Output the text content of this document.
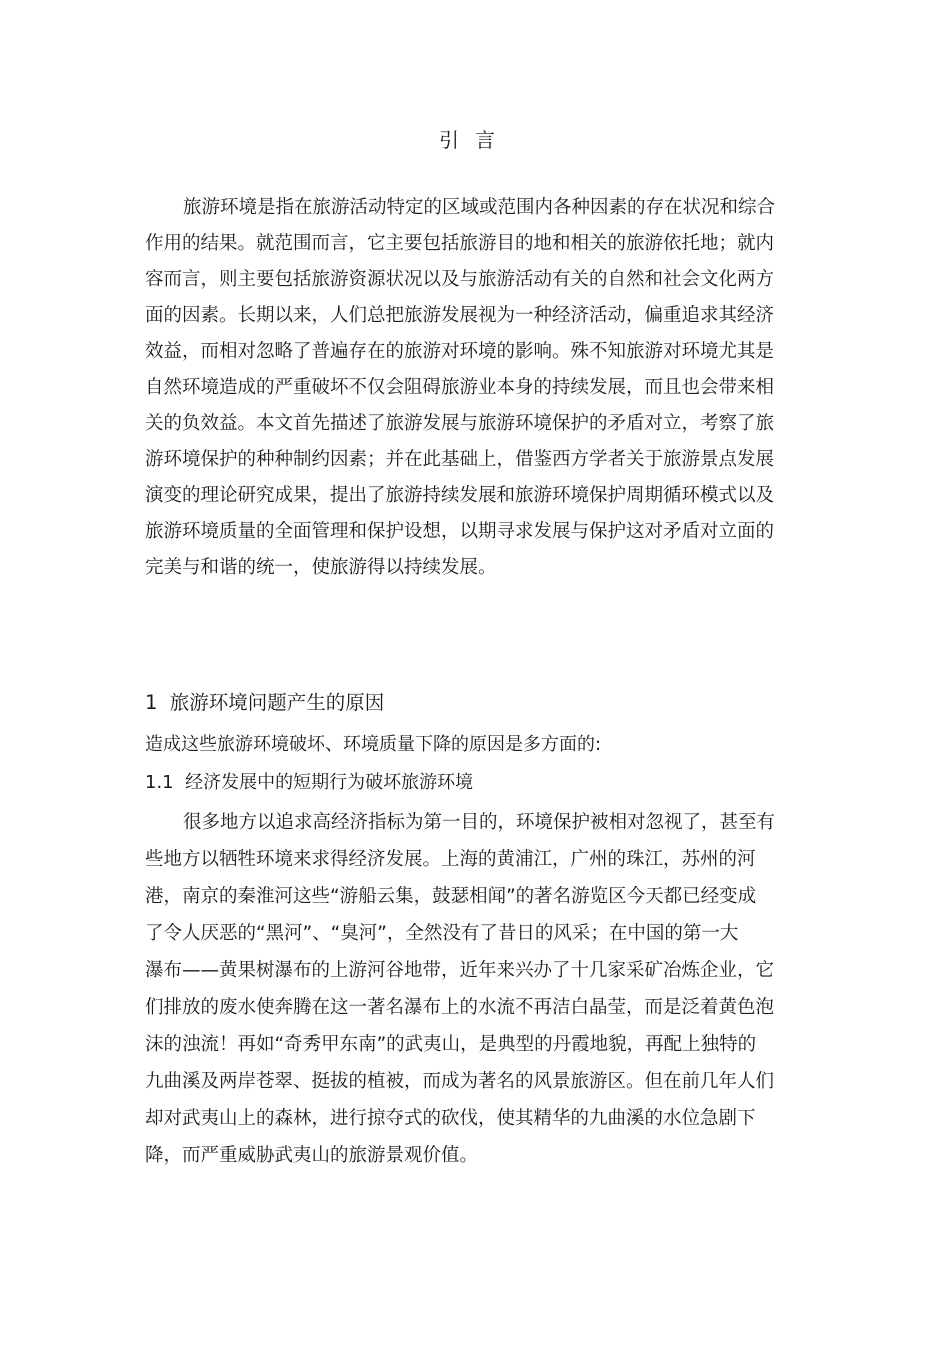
引言
旅游环境是指在旅游活动特定的区域或范围内各种因素的存在状况和综合
作用的结果。就范围而言，它主要包括旅游目的地和相关的旅游依托地；就内
容而言，则主要包括旅游资源状况以及与旅游活动有关的自然和社会文化两方
面的因素。长期以来，人们总把旅游发展视为一种经济活动，偏重追求其经济
效益，而相对忽略了普遍存在的旅游对环境的影响。殊不知旅游对环境尤其是
自然环境造成的严重破坏不仅会阻碍旅游业本身的持续发展，而且也会带来相
关的负效益。本文首先描述了旅游发展与旅游环境保护的矛盾对立，考察了旅
游环境保护的种种制约因素；并在此基础上，借鉴西方学者关于旅游景点发展
演变的理论研究成果，提出了旅游持续发展和旅游环境保护周期循环模式以及
旅游环境质量的全面管理和保护设想，以期寻求发展与保护这对矛盾对立面的
完美与和谐的统一，使旅游得以持续发展。
1  旅游环境问题产生的原因
造成这些旅游环境破坏、环境质量下降的原因是多方面的:
1.1  经济发展中的短期行为破坏旅游环境
很多地方以追求高经济指标为第一目的，环境保护被相对忽视了，甚至有
些地方以牺牲环境来求得经济发展。上海的黄浦江，广州的珠江，苏州的河
港，南京的秦淮河这些“游船云集，鼓瑟相闻”的著名游览区今天都已经变成
了令人厌恶的“黑河”、“臭河”，全然没有了昔日的风采；在中国的第一大
瀑布——黄果树瀑布的上游河谷地带，近年来兴办了十几家采矿冶炼企业，它
们排放的废水使奔腾在这一著名瀑布上的水流不再洁白晶莹，而是泛着黄色泡
沫的浊流！再如“奇秀甲东南”的武夷山，是典型的丹霞地貌，再配上独特的
九曲溪及两岸苍翠、挺拔的植被，而成为著名的风景旅游区。但在前几年人们
却对武夷山上的森林，进行掠夺式的砍伐，使其精华的九曲溪的水位急剧下
降，而严重威胁武夷山的旅游景观价值。
